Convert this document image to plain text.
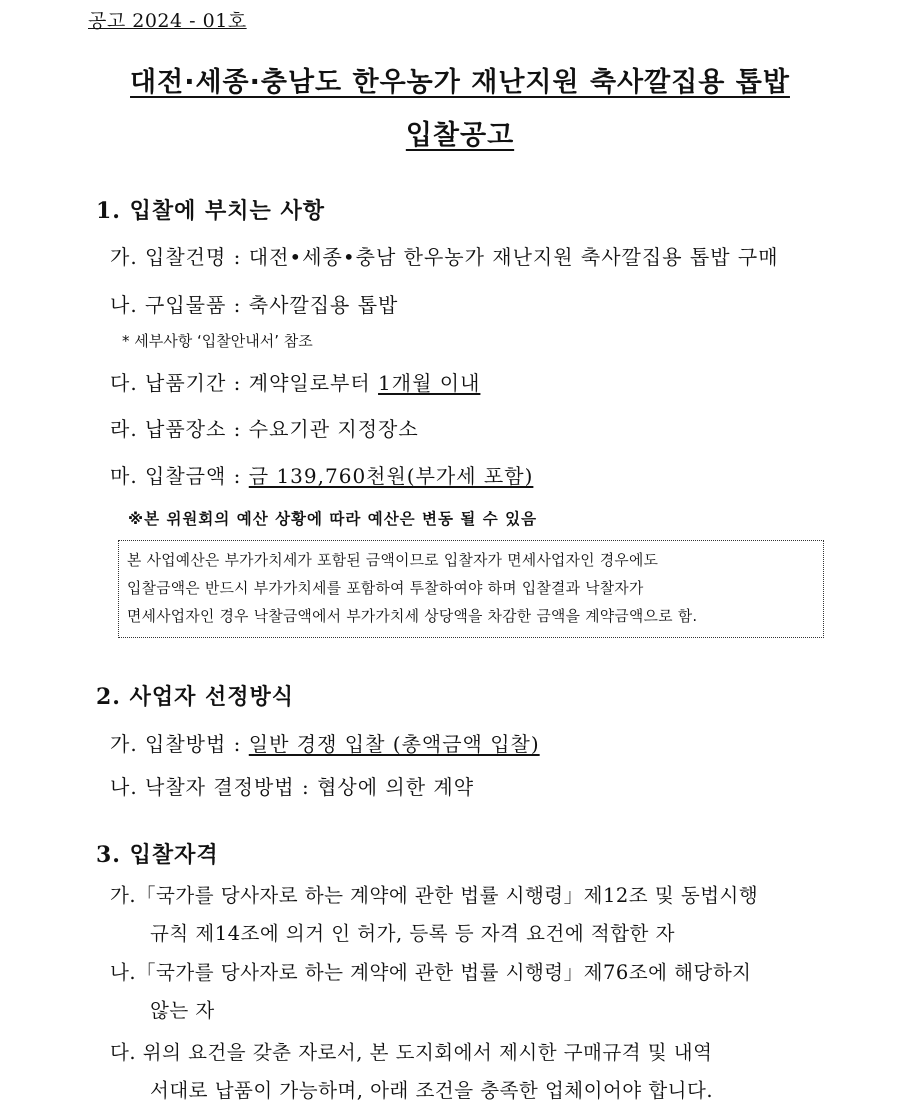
공고 2024 - 01호
대전·세종·충남도 한우농가 재난지원 축사깔집용 톱밥
입찰공고
1. 입찰에 부치는 사항
가. 입찰건명 : 대전•세종•충남 한우농가 재난지원 축사깔집용 톱밥 구매
나. 구입물품 : 축사깔집용 톱밥
* 세부사항 ‘입찰안내서’ 참조
다. 납품기간 : 계약일로부터 1개월 이내
라. 납품장소 : 수요기관 지정장소
마. 입찰금액 : 금 139,760천원(부가세 포함)
※본 위원회의 예산 상황에 따라 예산은 변동 될 수 있음
본 사업예산은 부가가치세가 포함된 금액이므로 입찰자가 면세사업자인 경우에도
입찰금액은 반드시 부가가치세를 포함하여 투찰하여야 하며 입찰결과 낙찰자가
면세사업자인 경우 낙찰금액에서 부가가치세 상당액을 차감한 금액을 계약금액으로 함.
2. 사업자 선정방식
가. 입찰방법 : 일반 경쟁 입찰 (총액금액 입찰)
나. 낙찰자 결정방법 : 협상에 의한 계약
3. 입찰자격
가.「국가를 당사자로 하는 계약에 관한 법률 시행령」제12조 및 동법시행
규칙 제14조에 의거 인 허가, 등록 등 자격 요건에 적합한 자
나.「국가를 당사자로 하는 계약에 관한 법률 시행령」제76조에 해당하지
않는 자
다. 위의 요건을 갖춘 자로서, 본 도지회에서 제시한 구매규격 및 내역
서대로 납품이 가능하며, 아래 조건을 충족한 업체이어야 합니다.
